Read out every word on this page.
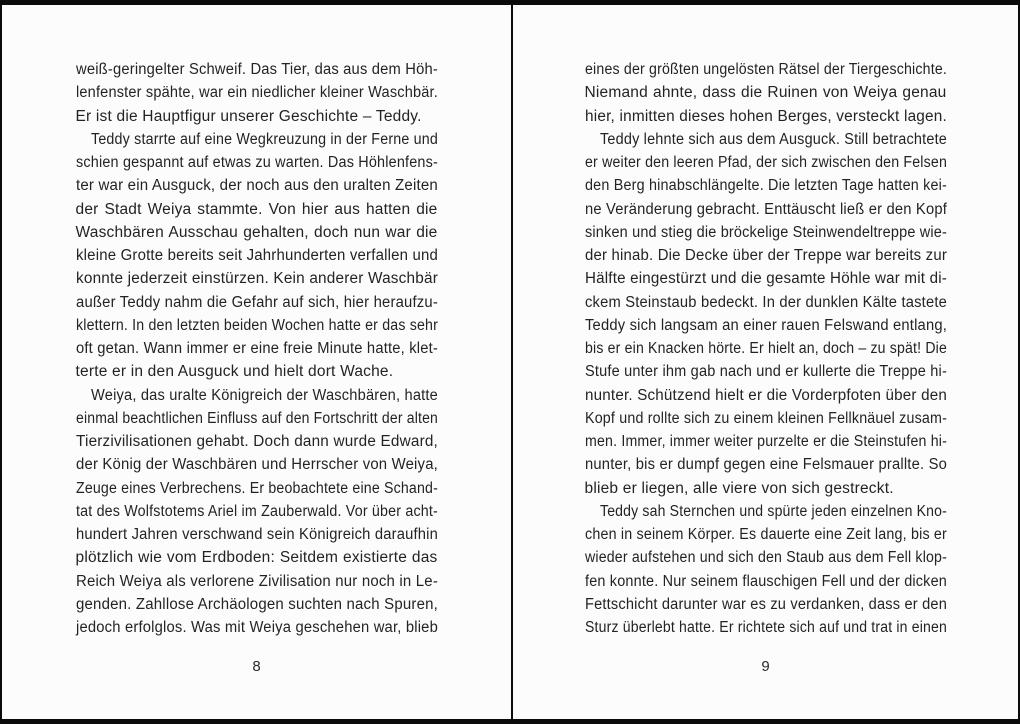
weiß-geringelter Schweif. Das Tier, das aus dem Höh-
lenfenster spähte, war ein niedlicher kleiner Waschbär.
Er ist die Hauptfigur unserer Geschichte – Teddy.
Teddy starrte auf eine Wegkreuzung in der Ferne und
schien gespannt auf etwas zu warten. Das Höhlenfens-
ter war ein Ausguck, der noch aus den uralten Zeiten
der Stadt Weiya stammte. Von hier aus hatten die
Waschbären Ausschau gehalten, doch nun war die
kleine Grotte bereits seit Jahrhunderten verfallen und
konnte jederzeit einstürzen. Kein anderer Waschbär
außer Teddy nahm die Gefahr auf sich, hier heraufzu-
klettern. In den letzten beiden Wochen hatte er das sehr
oft getan. Wann immer er eine freie Minute hatte, klet-
terte er in den Ausguck und hielt dort Wache.
Weiya, das uralte Königreich der Waschbären, hatte
einmal beachtlichen Einfluss auf den Fortschritt der alten
Tierzivilisationen gehabt. Doch dann wurde Edward,
der König der Waschbären und Herrscher von Weiya,
Zeuge eines Verbrechens. Er beobachtete eine Schand-
tat des Wolfstotems Ariel im Zauberwald. Vor über acht-
hundert Jahren verschwand sein Königreich daraufhin
plötzlich wie vom Erdboden: Seitdem existierte das
Reich Weiya als verlorene Zivilisation nur noch in Le-
genden. Zahllose Archäologen suchten nach Spuren,
jedoch erfolglos. Was mit Weiya geschehen war, blieb
8
eines der größten ungelösten Rätsel der Tiergeschichte.
Niemand ahnte, dass die Ruinen von Weiya genau
hier, inmitten dieses hohen Berges, versteckt lagen.
Teddy lehnte sich aus dem Ausguck. Still betrachtete
er weiter den leeren Pfad, der sich zwischen den Felsen
den Berg hinabschlängelte. Die letzten Tage hatten kei-
ne Veränderung gebracht. Enttäuscht ließ er den Kopf
sinken und stieg die bröckelige Steinwendeltreppe wie-
der hinab. Die Decke über der Treppe war bereits zur
Hälfte eingestürzt und die gesamte Höhle war mit di-
ckem Steinstaub bedeckt. In der dunklen Kälte tastete
Teddy sich langsam an einer rauen Felswand entlang,
bis er ein Knacken hörte. Er hielt an, doch – zu spät! Die
Stufe unter ihm gab nach und er kullerte die Treppe hi-
nunter. Schützend hielt er die Vorderpfoten über den
Kopf und rollte sich zu einem kleinen Fellknäuel zusam-
men. Immer, immer weiter purzelte er die Steinstufen hi-
nunter, bis er dumpf gegen eine Felsmauer prallte. So
blieb er liegen, alle viere von sich gestreckt.
Teddy sah Sternchen und spürte jeden einzelnen Kno-
chen in seinem Körper. Es dauerte eine Zeit lang, bis er
wieder aufstehen und sich den Staub aus dem Fell klop-
fen konnte. Nur seinem flauschigen Fell und der dicken
Fettschicht darunter war es zu verdanken, dass er den
Sturz überlebt hatte. Er richtete sich auf und trat in einen
9
